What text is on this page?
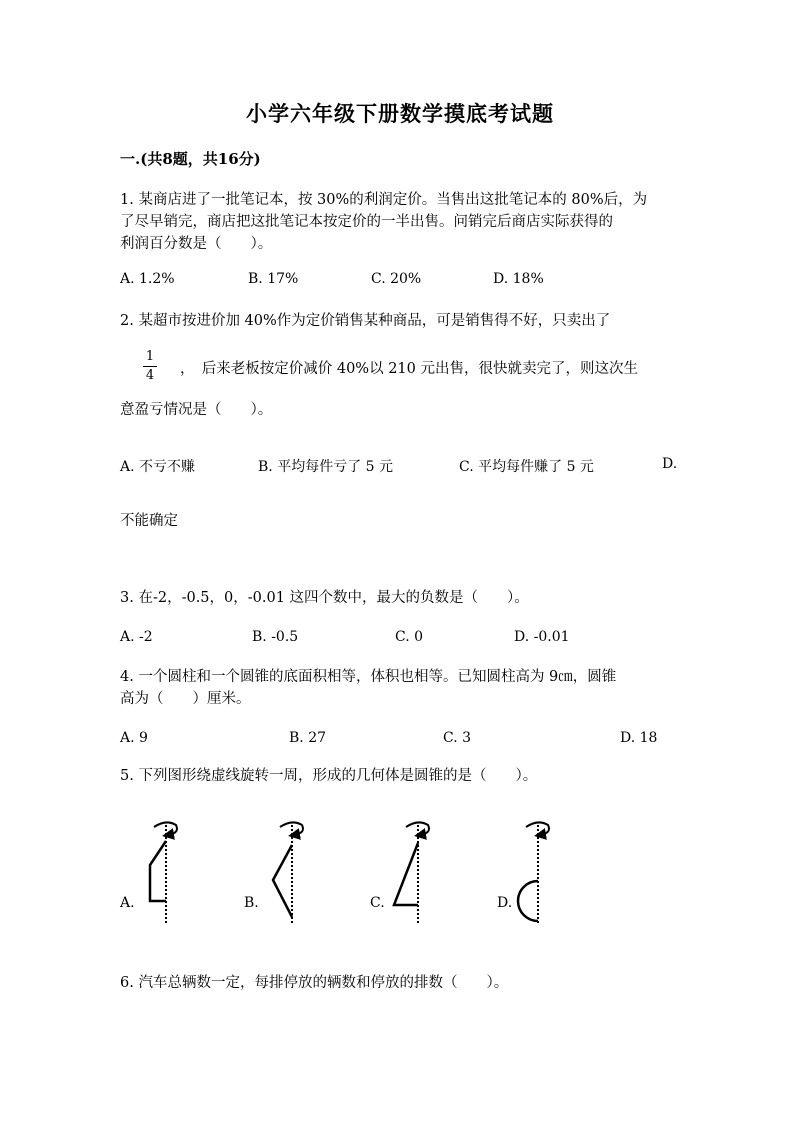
小学六年级下册数学摸底考试题
一.(共8题，共16分)
1. 某商店进了一批笔记本，按 30%的利润定价。当售出这批笔记本的 80%后，为
了尽早销完，商店把这批笔记本按定价的一半出售。问销完后商店实际获得的
利润百分数是（　　）。
A. 1.2%	B. 17%	C. 20%	D. 18%
2. 某超市按进价加 40%作为定价销售某种商品，可是销售得不好，只卖出了
1
4 ，　后来老板按定价减价 40%以 210 元出售，很快就卖完了，则这次生
意盈亏情况是（　　）。
A. 不亏不赚	B. 平均每件亏了 5 元	C. 平均每件赚了 5 元	D.
不能确定
3. 在-2，-0.5，0，-0.01 这四个数中，最大的负数是（　　）。
A. -2	B. -0.5	C. 0	D. -0.01
4. 一个圆柱和一个圆锥的底面积相等，体积也相等。已知圆柱高为 9㎝，圆锥
高为（　　）厘米。
A. 9	B. 27	C. 3	D. 18
5. 下列图形绕虚线旋转一周，形成的几何体是圆锥的是（　　）。
A.	B.	C.	D.
6. 汽车总辆数一定，每排停放的辆数和停放的排数（　　）。
